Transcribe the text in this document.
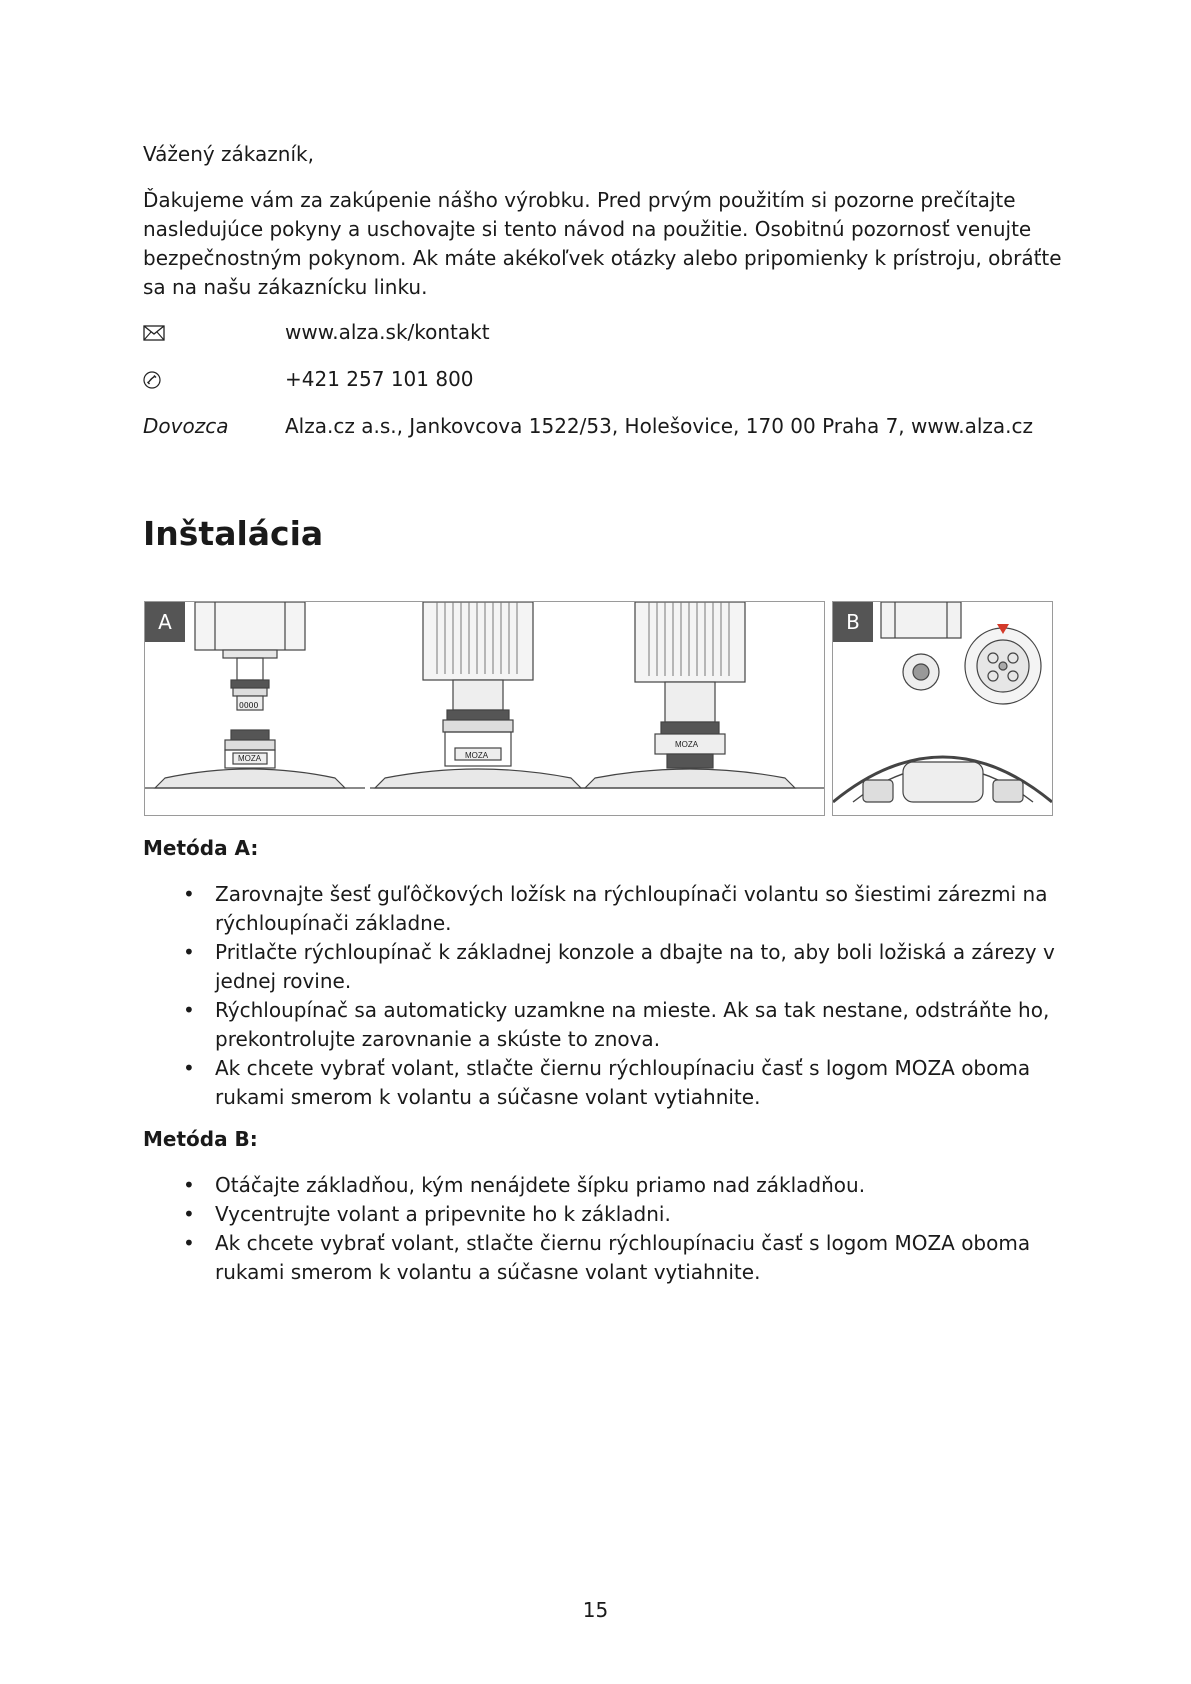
Vážený zákazník,
Ďakujeme vám za zakúpenie nášho výrobku. Pred prvým použitím si pozorne prečítajte nasledujúce pokyny a uschovajte si tento návod na použitie. Osobitnú pozornosť venujte bezpečnostným pokynom. Ak máte akékoľvek otázky alebo pripomienky k prístroju, obráťte sa na našu zákaznícku linku.
www.alza.sk/kontakt
+421 257 101 800
Dovozca	Alza.cz a.s., Jankovcova 1522/53, Holešovice, 170 00 Praha 7, www.alza.cz
Inštalácia
OOOO
MOZA	MOZA
MOZA
A	B
Metóda A:
• Zarovnajte šesť guľôčkových ložísk na rýchloupínači volantu so šiestimi zárezmi na rýchloupínači základne.
• Pritlačte rýchloupínač k základnej konzole a dbajte na to, aby boli ložiská a zárezy v jednej rovine.
• Rýchloupínač sa automaticky uzamkne na mieste. Ak sa tak nestane, odstráňte ho, prekontrolujte zarovnanie a skúste to znova.
• Ak chcete vybrať volant, stlačte čiernu rýchloupínaciu časť s logom MOZA oboma rukami smerom k volantu a súčasne volant vytiahnite.
Metóda B:
• Otáčajte základňou, kým nenájdete šípku priamo nad základňou.
• Vycentrujte volant a pripevnite ho k základni.
• Ak chcete vybrať volant, stlačte čiernu rýchloupínaciu časť s logom MOZA oboma rukami smerom k volantu a súčasne volant vytiahnite.
15
